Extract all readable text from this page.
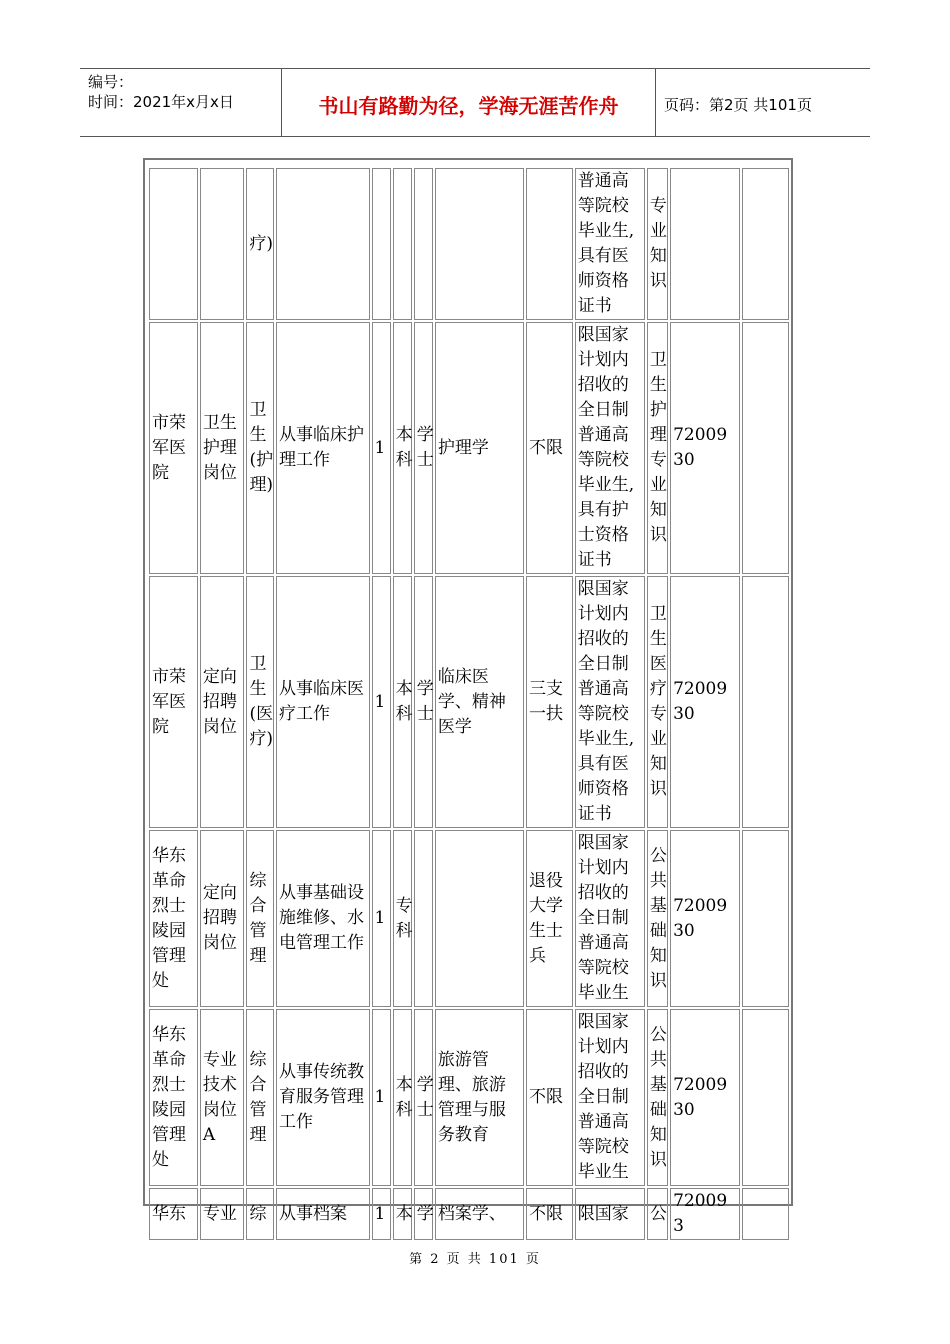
编号：
时间：2021年x月x日	书山有路勤为径，学海无涯苦作舟	页码：第2页 共101页
		疗)							普通高等院校毕业生,具有医师资格证书	专业知识		
市荣军医院	卫生护理岗位	卫生(护理)	从事临床护理工作	1	本科	学士	护理学	不限	限国家计划内招收的全日制普通高等院校毕业生,具有护士资格证书	卫生护理专业知识	7200930	
市荣军医院	定向招聘岗位	卫生(医疗)	从事临床医疗工作	1	本科	学士	临床医学、精神医学	三支一扶	限国家计划内招收的全日制普通高等院校毕业生,具有医师资格证书	卫生医疗专业知识	7200930	
华东革命烈士陵园管理处	定向招聘岗位	综合管理	从事基础设施维修、水电管理工作	1	专科			退役大学生士兵	限国家计划内招收的全日制普通高等院校毕业生	公共基础知识	7200930	
华东革命烈士陵园管理处	专业技术岗位A	综合管理	从事传统教育服务管理工作	1	本科	学士	旅游管理、旅游管理与服务教育	不限	限国家计划内招收的全日制普通高等院校毕业生	公共基础知识	7200930	
华东	专业	综	从事档案	1	本	学	档案学、	不限	限国家	公	720093	
第 2 页 共 101 页
